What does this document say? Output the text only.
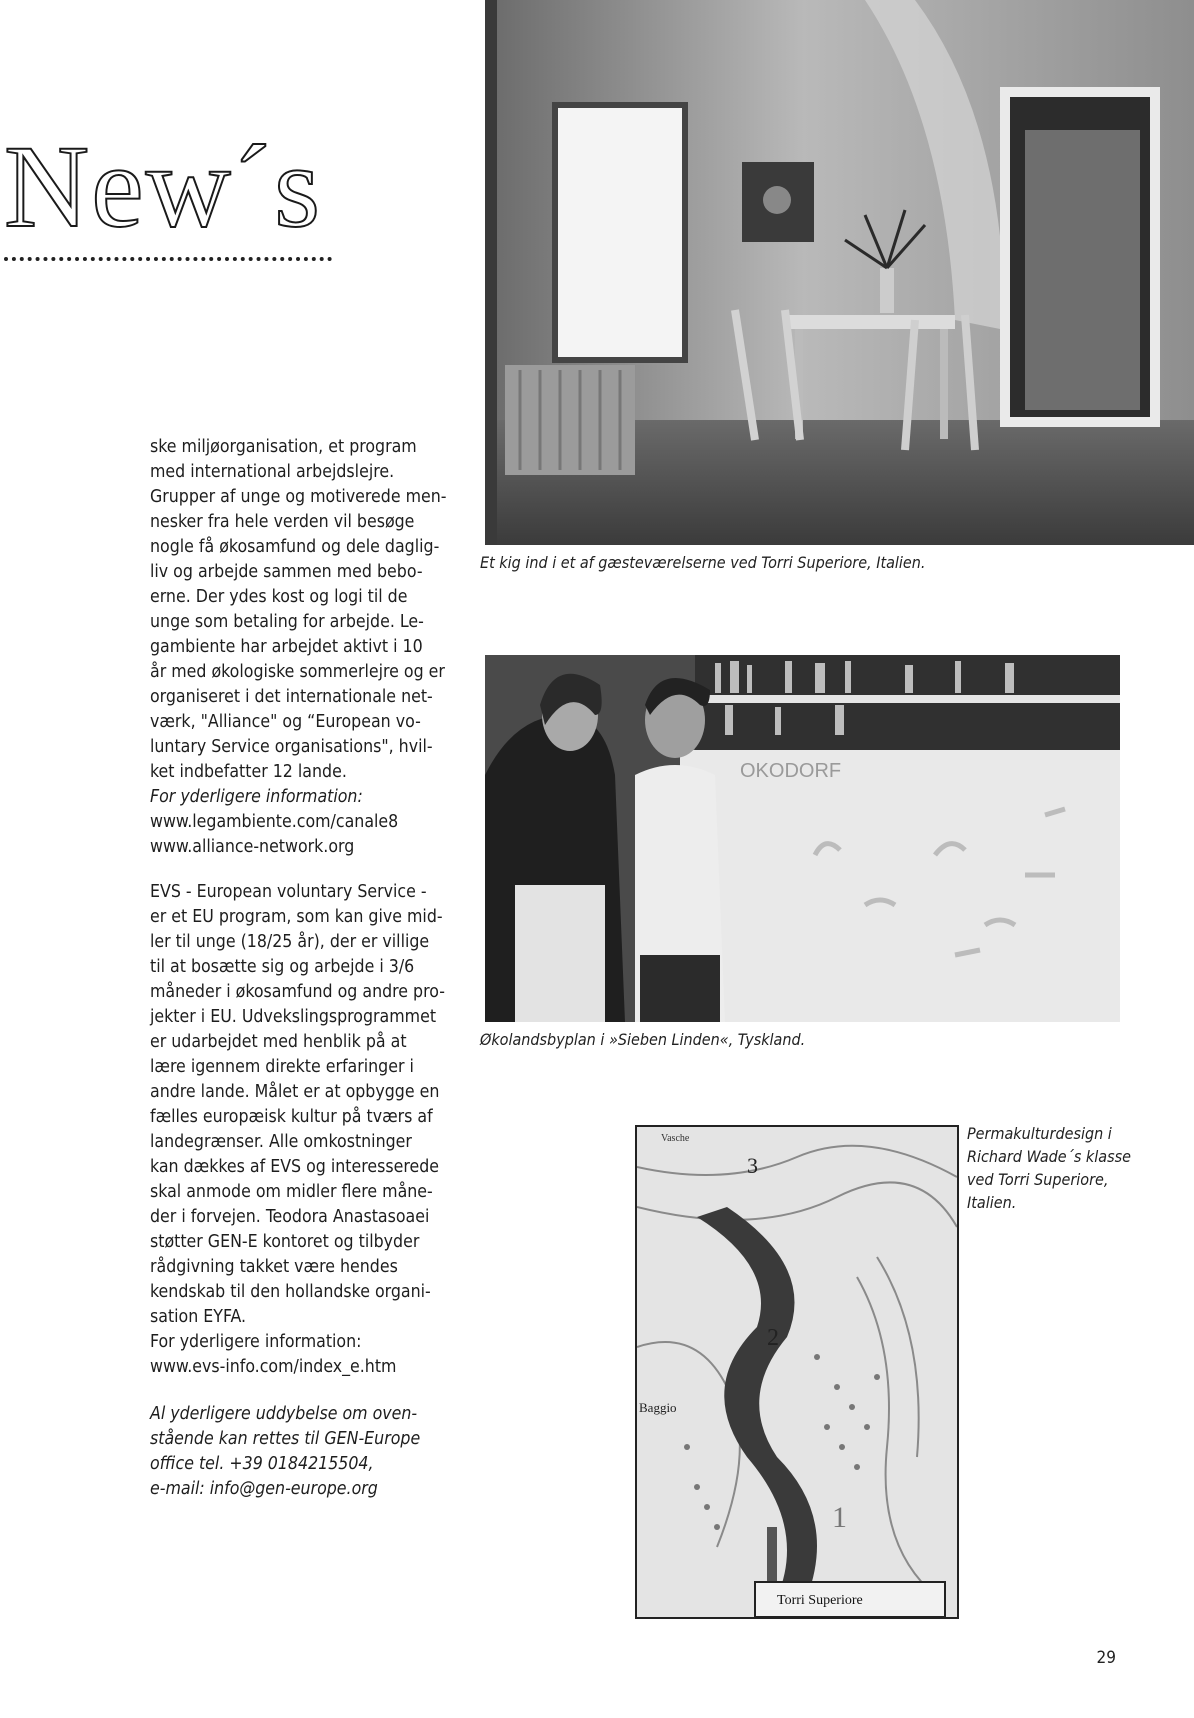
New´s

ske miljøorganisation, et program

med international arbejdslejre.

Grupper af unge og motiverede men-

nesker fra hele verden vil besøge

nogle få økosamfund og dele daglig-

liv og arbejde sammen med bebo-

erne. Der ydes kost og logi til de

unge som betaling for arbejde. Le-

gambiente har arbejdet aktivt i 10

år med økologiske sommerlejre og er

organiseret i det internationale net-

værk, "Alliance" og “European vo-

luntary Service organisations", hvil-

ket indbefatter 12 lande.

For yderligere information:

www.legambiente.com/canale8

www.alliance-network.org

EVS - European voluntary Service -

er et EU program, som kan give mid-

ler til unge (18/25 år), der er villige

til at bosætte sig og arbejde i 3/6

måneder i økosamfund og andre pro-

jekter i EU. Udvekslingsprogrammet

er udarbejdet med henblik på at

lære igennem direkte erfaringer i

andre lande. Målet er at opbygge en

fælles europæisk kultur på tværs af

landegrænser. Alle omkostninger

kan dækkes af EVS og interesserede

skal anmode om midler flere måne-

der i forvejen. Teodora Anastasoaei

støtter GEN-E kontoret og tilbyder

rådgivning takket være hendes

kendskab til den hollandske organi-

sation EYFA.

For yderligere information:

www.evs-info.com/index_e.htm

Al yderligere uddybelse om oven-

stående kan rettes til GEN-Europe

office tel. +39 0184215504,

e-mail: info@gen-europe.org

Et kig ind i et af gæsteværelserne ved Torri Superiore, Italien.
OKODORF
Økolandsbyplan i »Sieben Linden«, Tyskland.
Vasche
3
2
1
Baggio
Torri Superiore
Permakulturdesign i
Richard Wade´s klasse
ved Torri Superiore,
Italien.
29
